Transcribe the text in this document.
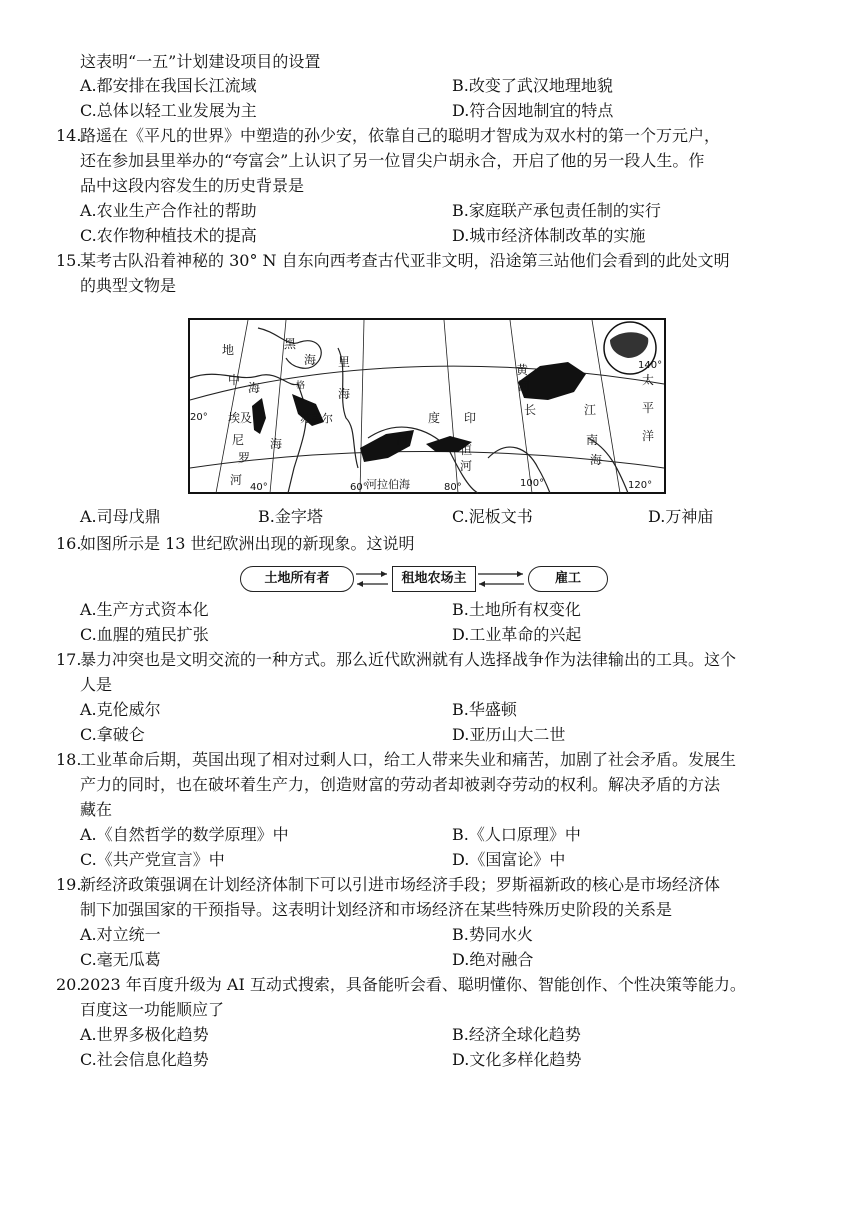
这表明“一五”计划建设项目的设置
A.都安排在我国长江流域	B.改变了武汉地理地貌
C.总体以轻工业发展为主	D.符合因地制宜的特点
14.
路遥在《平凡的世界》中塑造的孙少安，依靠自己的聪明才智成为双水村的第一个万元户，
还在参加县里举办的“夸富会”上认识了另一位冒尖户胡永合，开启了他的另一段人生。作
品中这段内容发生的历史背景是
A.农业生产合作社的帮助	B.家庭联产承包责任制的实行
C.农作物种植技术的提高	D.城市经济体制改革的实施
15.
某考古队沿着神秘的 30° N 自东向西考查古代亚非文明，沿途第三站他们会看到的此处文明
的典型文物是
地
中
海
黑
海 里
海
格
苏美尔
埃及
尼
罗
河
海
度 印
河
恒
河
黄
河
长	江
南
海
太
平
洋
20°
40°	60°	80°	100°	120°
140°
河拉伯海
A.司母戊鼎	B.金字塔	C.泥板文书	D.万神庙
16.
如图所示是 13 世纪欧洲出现的新现象。这说明
土地所有者	租地农场主	雇工
A.生产方式资本化	B.土地所有权变化
C.血腥的殖民扩张	D.工业革命的兴起
17.
暴力冲突也是文明交流的一种方式。那么近代欧洲就有人选择战争作为法律输出的工具。这个
人是
A.克伦威尔	B.华盛顿
C.拿破仑	D.亚历山大二世
18.
工业革命后期，英国出现了相对过剩人口，给工人带来失业和痛苦，加剧了社会矛盾。发展生
产力的同时，也在破坏着生产力，创造财富的劳动者却被剥夺劳动的权利。解决矛盾的方法
藏在
A.《自然哲学的数学原理》中	B.《人口原理》中
C.《共产党宣言》中	D.《国富论》中
19.
新经济政策强调在计划经济体制下可以引进市场经济手段；罗斯福新政的核心是市场经济体
制下加强国家的干预指导。这表明计划经济和市场经济在某些特殊历史阶段的关系是
A.对立统一	B.势同水火
C.毫无瓜葛	D.绝对融合
20.
2023 年百度升级为 AI 互动式搜索，具备能听会看、聪明懂你、智能创作、个性决策等能力。
百度这一功能顺应了
A.世界多极化趋势	B.经济全球化趋势
C.社会信息化趋势	D.文化多样化趋势
